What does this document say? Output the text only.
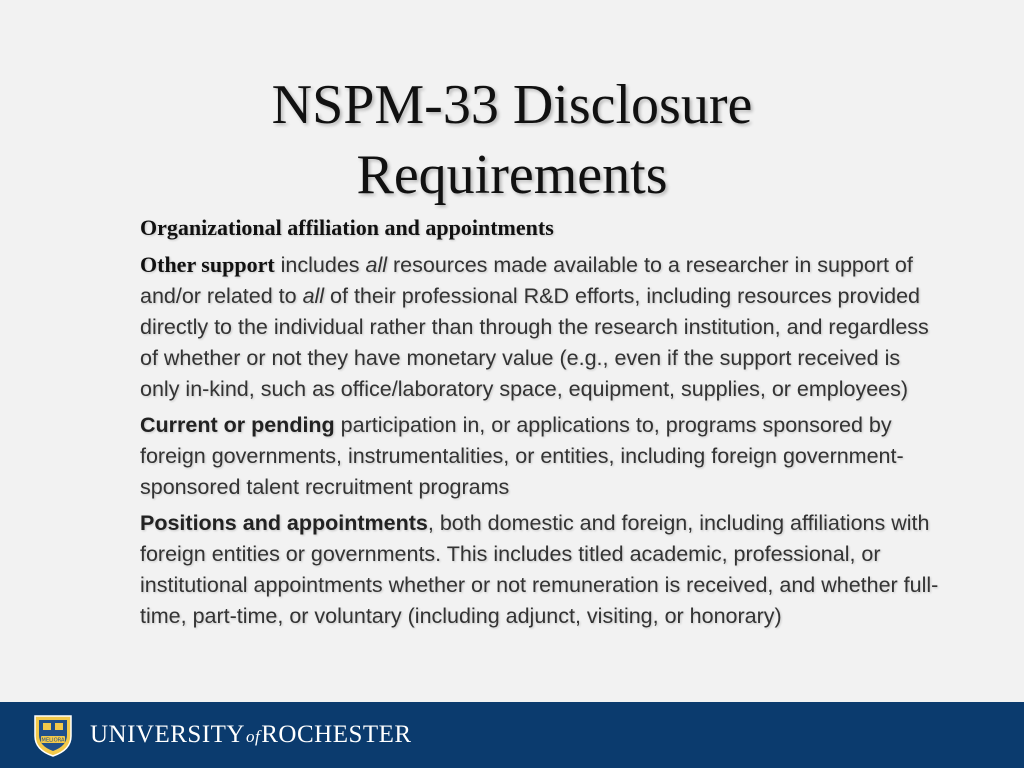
NSPM-33 Disclosure
Requirements

Organizational affiliation and appointments

Other support includes all resources made available to a researcher in support of and/or related to all of their professional R&D efforts, including resources provided directly to the individual rather than through the research institution, and regardless of whether or not they have monetary value (e.g., even if the support received is only in-kind, such as office/laboratory space, equipment, supplies, or employees)

Current or pending participation in, or applications to, programs sponsored by foreign governments, instrumentalities, or entities, including foreign government-sponsored talent recruitment programs

Positions and appointments, both domestic and foreign, including affiliations with foreign entities or governments. This includes titled academic, professional, or institutional appointments whether or not remuneration is received, and whether full-time, part-time, or voluntary (including adjunct, visiting, or honorary)

MELIORA UNIVERSITYofROCHESTER
